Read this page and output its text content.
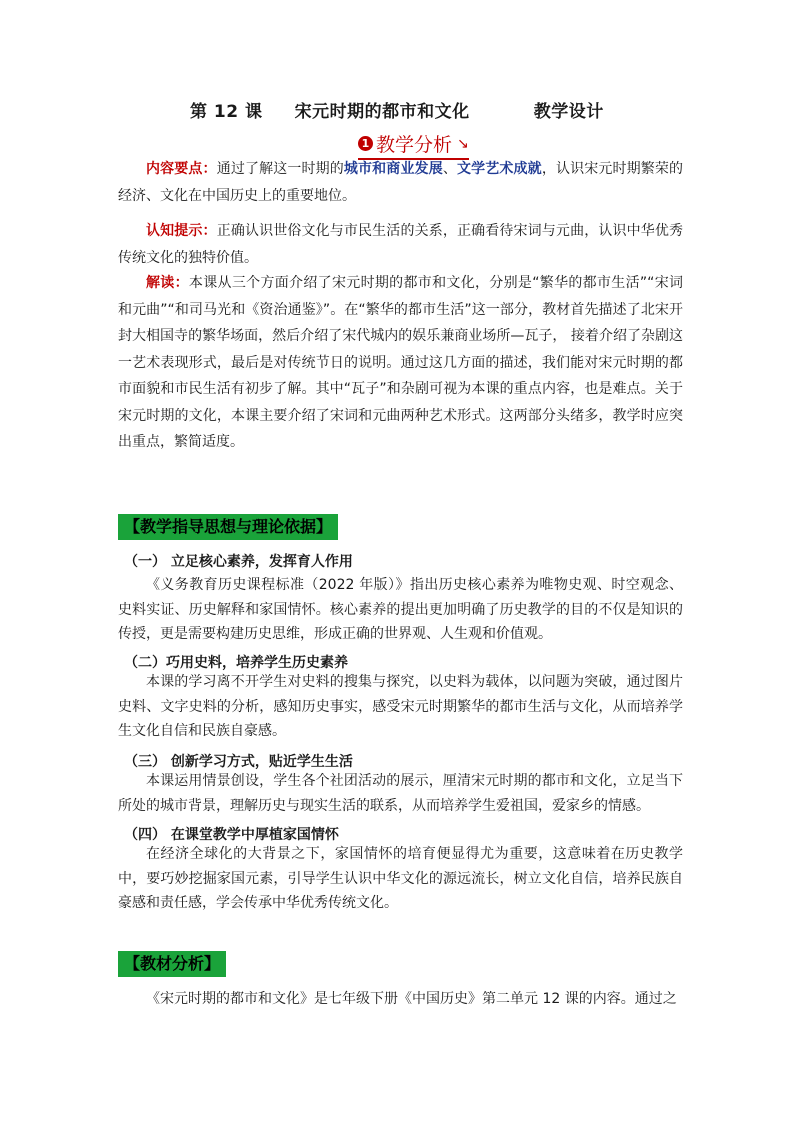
第 12 课     宋元时期的都市和文化          教学设计
1 教学分析 ↘

内容要点：通过了解这一时期的城市和商业发展、文学艺术成就，认识宋元时期繁荣的经济、文化在中国历史上的重要地位。

认知提示：正确认识世俗文化与市民生活的关系，正确看待宋词与元曲，认识中华优秀传统文化的独特价值。

解读：本课从三个方面介绍了宋元时期的都市和文化，分别是“繁华的都市生活”“宋词和元曲”“和司马光和《资治通鉴》”。在“繁华的都市生活”这一部分，教材首先描述了北宋开封大相国寺的繁华场面，然后介绍了宋代城内的娱乐兼商业场所—瓦子， 接着介绍了杂剧这一艺术表现形式，最后是对传统节日的说明。通过这几方面的描述，我们能对宋元时期的都市面貌和市民生活有初步了解。其中“瓦子”和杂剧可视为本课的重点内容，也是难点。关于宋元时期的文化，本课主要介绍了宋词和元曲两种艺术形式。这两部分头绪多，教学时应突出重点，繁简适度。

【教学指导思想与理论依据】
（一） 立足核心素养，发挥育人作用

《义务教育历史课程标准（2022 年版）》指出历史核心素养为唯物史观、时空观念、史料实证、历史解释和家国情怀。核心素养的提出更加明确了历史教学的目的不仅是知识的传授，更是需要构建历史思维，形成正确的世界观、人生观和价值观。

（二）巧用史料，培养学生历史素养

本课的学习离不开学生对史料的搜集与探究，以史料为载体，以问题为突破，通过图片史料、文字史料的分析，感知历史事实，感受宋元时期繁华的都市生活与文化，从而培养学生文化自信和民族自豪感。

（三） 创新学习方式，贴近学生生活

本课运用情景创设，学生各个社团活动的展示，厘清宋元时期的都市和文化，立足当下所处的城市背景，理解历史与现实生活的联系，从而培养学生爱祖国，爱家乡的情感。

（四） 在课堂教学中厚植家国情怀

在经济全球化的大背景之下，家国情怀的培育便显得尤为重要，这意味着在历史教学中，要巧妙挖掘家国元素，引导学生认识中华文化的源远流长，树立文化自信，培养民族自豪感和责任感，学会传承中华优秀传统文化。

【教材分析】

《宋元时期的都市和文化》是七年级下册《中国历史》第二单元 12 课的内容。通过之
